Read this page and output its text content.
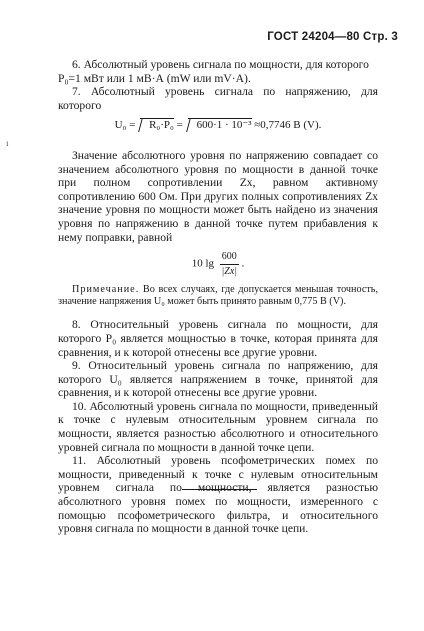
ГОСТ 24204—80 Стр. 3
ı

6. Абсолютный уровень сигнала по мощности, для которого

P₀=1 мВт или 1 мВ·А (mW или mV·A).

7. Абсолютный уровень сигнала по напряжению, для которого

U₀ = R₀·P₀ = 600·1 · 10⁻³ ≈0,7746 В (V).

Значение абсолютного уровня по напряжению совпадает со значением абсолютного уровня по мощности в данной точке при полном сопротивлении Zx, равном активному сопротивлению 600 Ом. При других полных сопротивлениях Zx значение уровня по мощности может быть найдено из значения уровня по напряжению в данной точке путем прибавления к нему поправки, равной

10 $\lg \frac{600}{|Zx|}$ .

Примечание. Во всех случаях, где допускается меньшая точность, значение напряжения U₀ может быть принято равным 0,775 В (V).

8. Относительный уровень сигнала по мощности, для которого P₀ является мощностью в точке, которая принята для сравнения, и к которой отнесены все другие уровни.

9. Относительный уровень сигнала по напряжению, для которого U₀ является напряжением в точке, принятой для сравнения, и к которой отнесены все другие уровни.

10. Абсолютный уровень сигнала по мощности, приведенный к точке с нулевым относительным уровнем сигнала по мощности, является разностью абсолютного и относительного уровней сигнала по мощности в данной точке цепи.

11. Абсолютный уровень псофометрических помех по мощности, приведенный к точке с нулевым относительным уровнем сигнала по мощности, является разностью абсолютного уровня помех по мощности, измеренного с помощью псофометрического фильтра, и относительного уровня сигнала по мощности в данной точке цепи.
